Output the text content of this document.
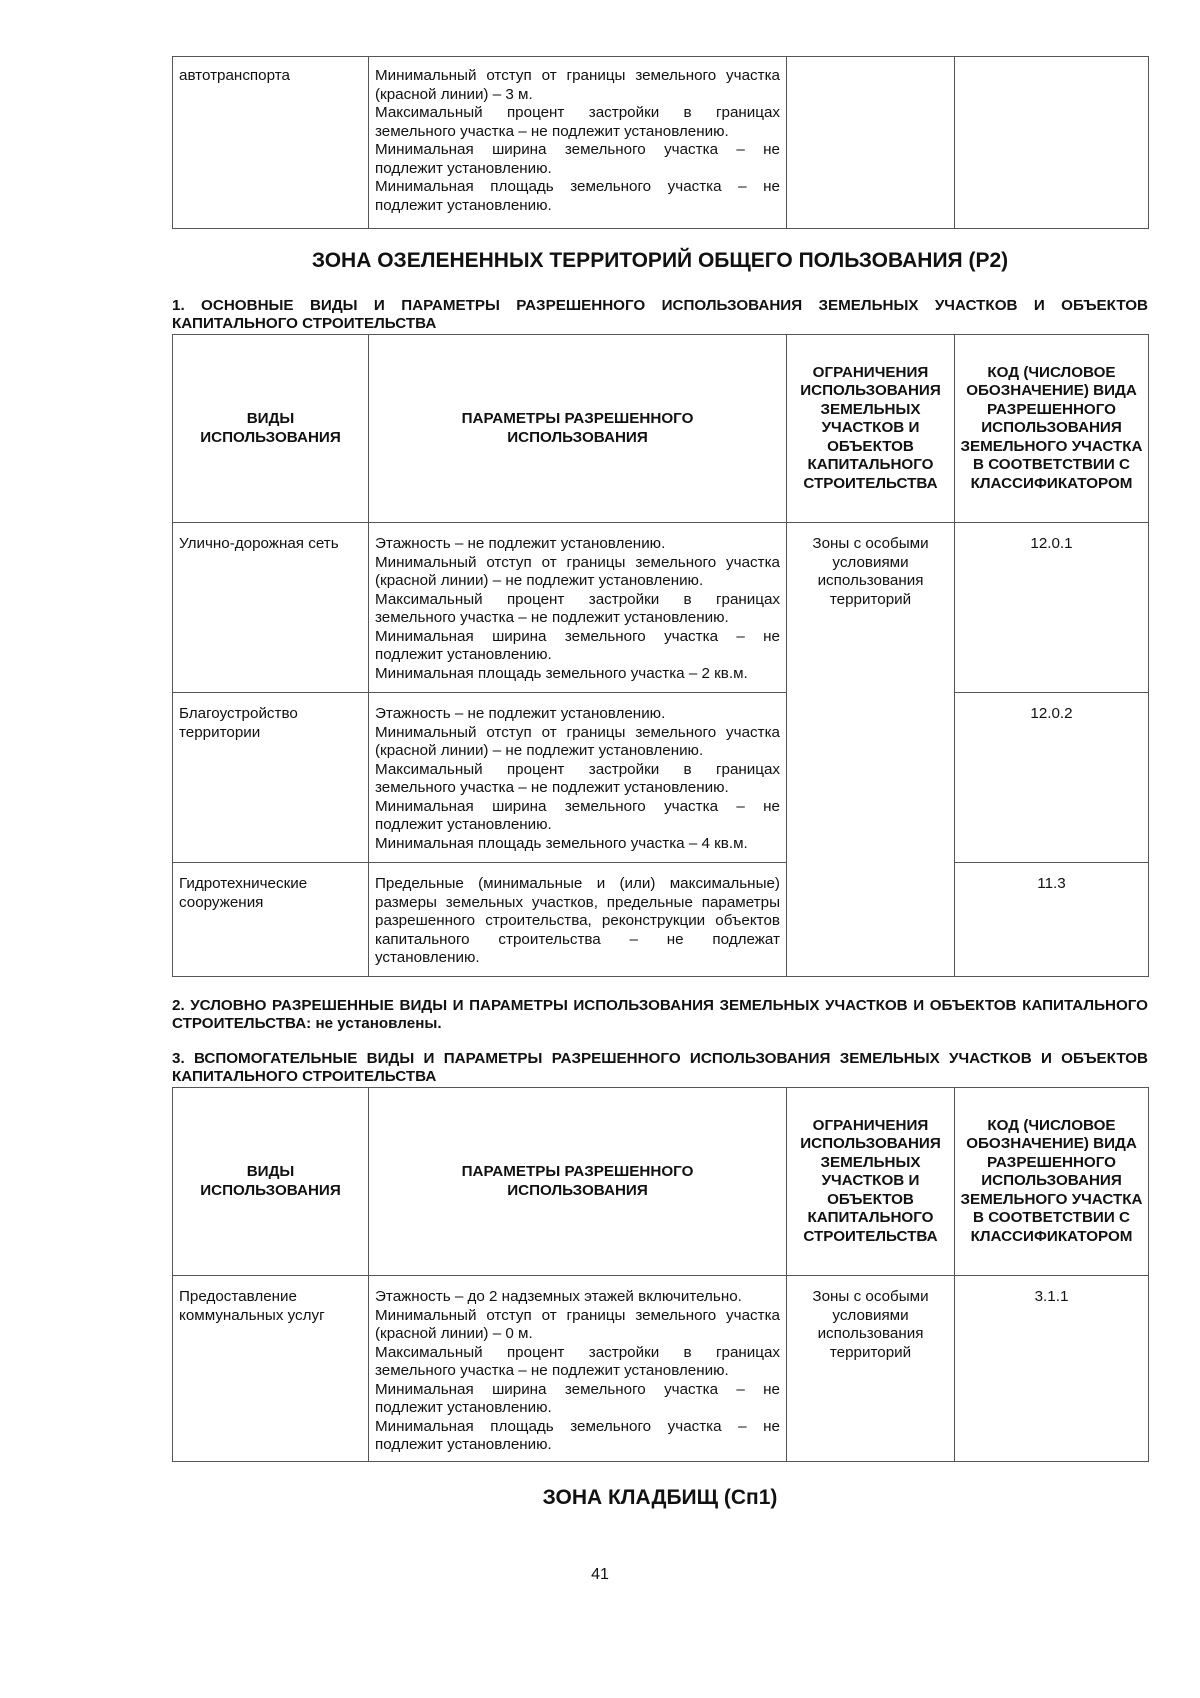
автотранспорта	Минимальный отступ от границы земельного участка (красной линии) – 3 м.
Максимальный процент застройки в границах земельного участка – не подлежит установлению.
Минимальная ширина земельного участка – не подлежит установлению.
Минимальная площадь земельного участка – не подлежит установлению.

ЗОНА ОЗЕЛЕНЕННЫХ ТЕРРИТОРИЙ ОБЩЕГО ПОЛЬЗОВАНИЯ (Р2)

1. ОСНОВНЫЕ ВИДЫ И ПАРАМЕТРЫ РАЗРЕШЕННОГО ИСПОЛЬЗОВАНИЯ ЗЕМЕЛЬНЫХ УЧАСТКОВ И ОБЪЕКТОВ КАПИТАЛЬНОГО СТРОИТЕЛЬСТВА

ВИДЫ ИСПОЛЬЗОВАНИЯ	ПАРАМЕТРЫ РАЗРЕШЕННОГО ИСПОЛЬЗОВАНИЯ	ОГРАНИЧЕНИЯ ИСПОЛЬЗОВАНИЯ ЗЕМЕЛЬНЫХ УЧАСТКОВ И ОБЪЕКТОВ КАПИТАЛЬНОГО СТРОИТЕЛЬСТВА	КОД (ЧИСЛОВОЕ ОБОЗНАЧЕНИЕ) ВИДА РАЗРЕШЕННОГО ИСПОЛЬЗОВАНИЯ ЗЕМЕЛЬНОГО УЧАСТКА В СООТВЕТСТВИИ С КЛАССИФИКАТОРОМ
Улично-дорожная сеть	Этажность – не подлежит установлению.
Минимальный отступ от границы земельного участка (красной линии) – не подлежит установлению.
Максимальный процент застройки в границах земельного участка – не подлежит установлению.
Минимальная ширина земельного участка – не подлежит установлению.
Минимальная площадь земельного участка – 2 кв.м.	Зоны с особыми условиями использования территорий	12.0.1
Благоустройство территории	Этажность – не подлежит установлению.
Минимальный отступ от границы земельного участка (красной линии) – не подлежит установлению.
Максимальный процент застройки в границах земельного участка – не подлежит установлению.
Минимальная ширина земельного участка – не подлежит установлению.
Минимальная площадь земельного участка – 4 кв.м.		12.0.2
Гидротехнические сооружения	Предельные (минимальные и (или) максимальные) размеры земельных участков, предельные параметры разрешенного строительства, реконструкции объектов капитального строительства – не подлежат установлению.		11.3

2. УСЛОВНО РАЗРЕШЕННЫЕ ВИДЫ И ПАРАМЕТРЫ ИСПОЛЬЗОВАНИЯ ЗЕМЕЛЬНЫХ УЧАСТКОВ И ОБЪЕКТОВ КАПИТАЛЬНОГО СТРОИТЕЛЬСТВА: не установлены.

3. ВСПОМОГАТЕЛЬНЫЕ ВИДЫ И ПАРАМЕТРЫ РАЗРЕШЕННОГО ИСПОЛЬЗОВАНИЯ ЗЕМЕЛЬНЫХ УЧАСТКОВ И ОБЪЕКТОВ КАПИТАЛЬНОГО СТРОИТЕЛЬСТВА

ВИДЫ ИСПОЛЬЗОВАНИЯ	ПАРАМЕТРЫ РАЗРЕШЕННОГО ИСПОЛЬЗОВАНИЯ	ОГРАНИЧЕНИЯ ИСПОЛЬЗОВАНИЯ ЗЕМЕЛЬНЫХ УЧАСТКОВ И ОБЪЕКТОВ КАПИТАЛЬНОГО СТРОИТЕЛЬСТВА	КОД (ЧИСЛОВОЕ ОБОЗНАЧЕНИЕ) ВИДА РАЗРЕШЕННОГО ИСПОЛЬЗОВАНИЯ ЗЕМЕЛЬНОГО УЧАСТКА В СООТВЕТСТВИИ С КЛАССИФИКАТОРОМ
Предоставление коммунальных услуг	Этажность – до 2 надземных этажей включительно.
Минимальный отступ от границы земельного участка (красной линии) – 0 м.
Максимальный процент застройки в границах земельного участка – не подлежит установлению.
Минимальная ширина земельного участка – не подлежит установлению.
Минимальная площадь земельного участка – не подлежит установлению.	Зоны с особыми условиями использования территорий	3.1.1
ЗОНА КЛАДБИЩ (Сп1)
41
